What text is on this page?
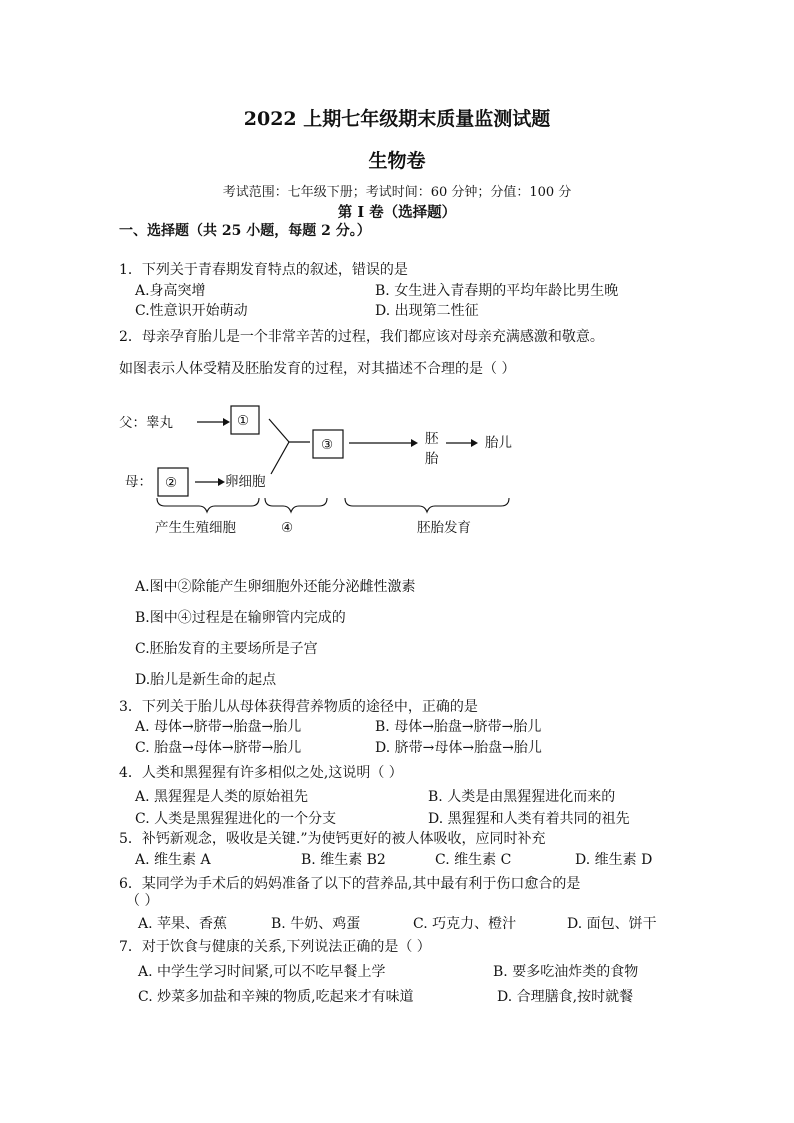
2022 上期七年级期末质量监测试题
生物卷
考试范围：七年级下册；考试时间：60 分钟；分值：100 分
第 I 卷（选择题）
一、选择题（共 25 小题，每题 2 分。）
1．下列关于青春期发育特点的叙述，错误的是
A.身高突增	B. 女生进入青春期的平均年龄比男生晚
C.性意识开始萌动	D. 出现第二性征
2．母亲孕育胎儿是一个非常辛苦的过程，我们都应该对母亲充满感激和敬意。
如图表示人体受精及胚胎发育的过程，对其描述不合理的是（ ）
父：睾丸	①
母： ②	卵细胞
③	胚
胎
胎儿
产生生殖细胞	④	胚胎发育
A.图中②除能产生卵细胞外还能分泌雌性激素
B.图中④过程是在输卵管内完成的
C.胚胎发育的主要场所是子宫
D.胎儿是新生命的起点
3．下列关于胎儿从母体获得营养物质的途径中，正确的是
A. 母体→脐带→胎盘→胎儿	B. 母体→胎盘→脐带→胎儿
C. 胎盘→母体→脐带→胎儿	D. 脐带→母体→胎盘→胎儿
4．人类和黑猩猩有许多相似之处,这说明（ ）
A. 黑猩猩是人类的原始祖先	B. 人类是由黑猩猩进化而来的
C. 人类是黑猩猩进化的一个分支	D. 黑猩猩和人类有着共同的祖先
5．补钙新观念，吸收是关键.”为使钙更好的被人体吸收，应同时补充
A. 维生素 A	B. 维生素 B2	C. 维生素 C	D. 维生素 D
6．某同学为手术后的妈妈准备了以下的营养品,其中最有利于伤口愈合的是
（ ）
A. 苹果、香蕉	B. 牛奶、鸡蛋	C. 巧克力、橙汁	D. 面包、饼干
7．对于饮食与健康的关系,下列说法正确的是（ ）
A. 中学生学习时间紧,可以不吃早餐上学	B. 要多吃油炸类的食物
C. 炒菜多加盐和辛辣的物质,吃起来才有味道	D. 合理膳食,按时就餐
